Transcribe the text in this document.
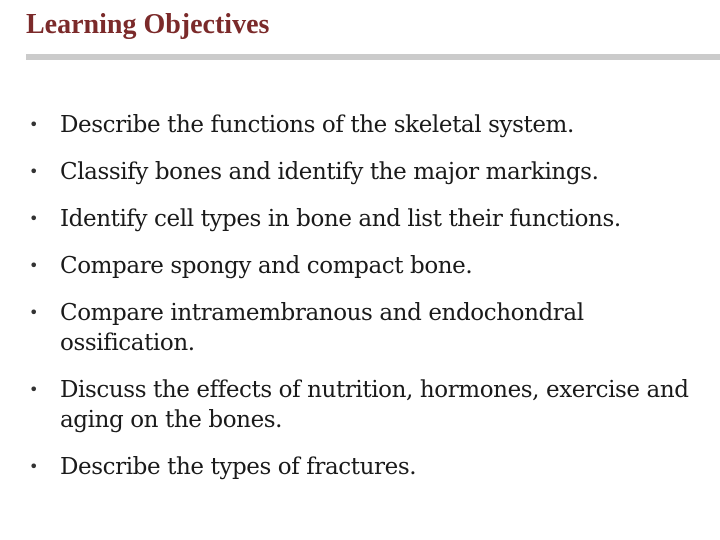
Learning Objectives
• Describe the functions of the skeletal system.
• Classify bones and identify the major markings.
• Identify cell types in bone and list their functions.
• Compare spongy and compact bone.
• Compare intramembranous and endochondral ossification.
• Discuss the effects of nutrition, hormones, exercise and aging on the bones.
• Describe the types of fractures.
